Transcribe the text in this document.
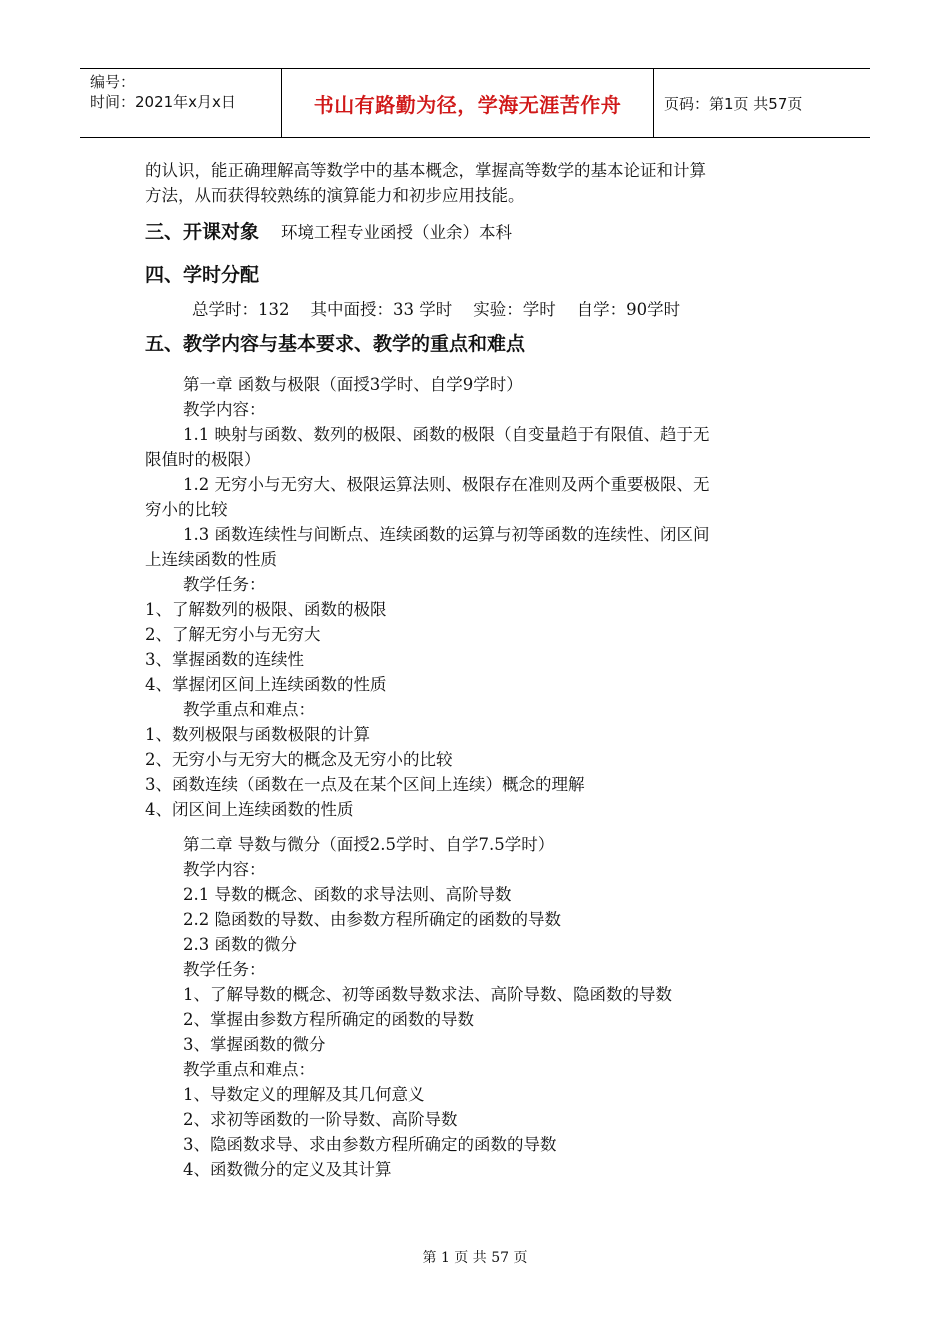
编号：
时间：2021年x月x日	书山有路勤为径，学海无涯苦作舟	页码：第1页 共57页

的认识，能正确理解高等数学中的基本概念，掌握高等数学的基本论证和计算

方法，从而获得较熟练的演算能力和初步应用技能。

三、开课对象 环境工程专业函授（业余）本科

四、学时分配

总学时：132    其中面授：33 学时    实验：学时    自学：90学时

五、教学内容与基本要求、教学的重点和难点

第一章 函数与极限（面授3学时、自学9学时）

教学内容：

1.1 映射与函数、数列的极限、函数的极限（自变量趋于有限值、趋于无

限值时的极限）

1.2 无穷小与无穷大、极限运算法则、极限存在准则及两个重要极限、无

穷小的比较

1.3 函数连续性与间断点、连续函数的运算与初等函数的连续性、闭区间

上连续函数的性质

教学任务：

1、了解数列的极限、函数的极限

2、了解无穷小与无穷大

3、掌握函数的连续性

4、掌握闭区间上连续函数的性质

教学重点和难点：

1、数列极限与函数极限的计算

2、无穷小与无穷大的概念及无穷小的比较

3、函数连续（函数在一点及在某个区间上连续）概念的理解

4、闭区间上连续函数的性质

第二章 导数与微分（面授2.5学时、自学7.5学时）

教学内容：

2.1 导数的概念、函数的求导法则、高阶导数

2.2 隐函数的导数、由参数方程所确定的函数的导数

2.3 函数的微分

教学任务：

1、了解导数的概念、初等函数导数求法、高阶导数、隐函数的导数

2、掌握由参数方程所确定的函数的导数

3、掌握函数的微分

教学重点和难点：

1、导数定义的理解及其几何意义

2、求初等函数的一阶导数、高阶导数

3、隐函数求导、求由参数方程所确定的函数的导数

4、函数微分的定义及其计算

第 1 页 共 57 页
